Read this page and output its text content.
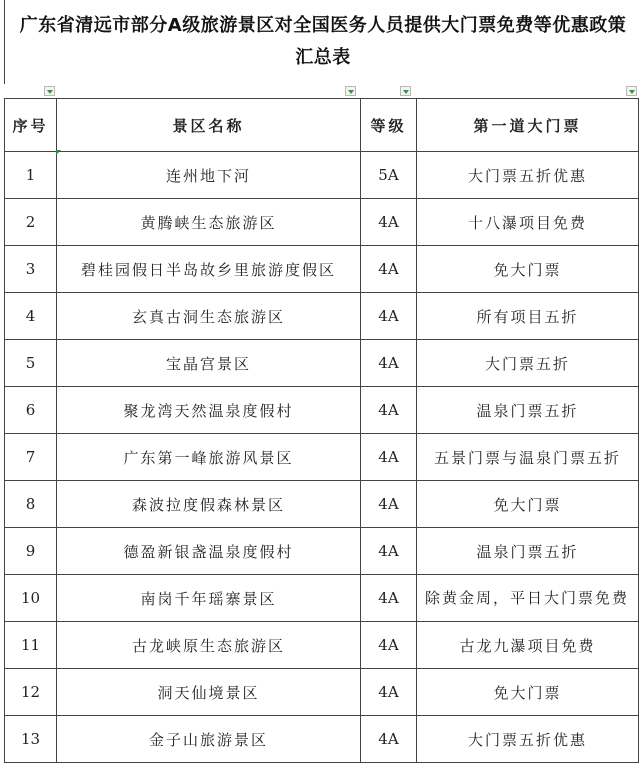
广东省清远市部分A级旅游景区对全国医务人员提供大门票免费等优惠政策汇总表
序号	景区名称	等级	第一道大门票
1	连州地下河	5A	大门票五折优惠
2	黄腾峡生态旅游区	4A	十八瀑项目免费
3	碧桂园假日半岛故乡里旅游度假区	4A	免大门票
4	玄真古洞生态旅游区	4A	所有项目五折
5	宝晶宫景区	4A	大门票五折
6	聚龙湾天然温泉度假村	4A	温泉门票五折
7	广东第一峰旅游风景区	4A	五景门票与温泉门票五折
8	森波拉度假森林景区	4A	免大门票
9	德盈新银盏温泉度假村	4A	温泉门票五折
10	南岗千年瑶寨景区	4A	除黄金周，平日大门票免费
11	古龙峡原生态旅游区	4A	古龙九瀑项目免费
12	洞天仙境景区	4A	免大门票
13	金子山旅游景区	4A	大门票五折优惠
